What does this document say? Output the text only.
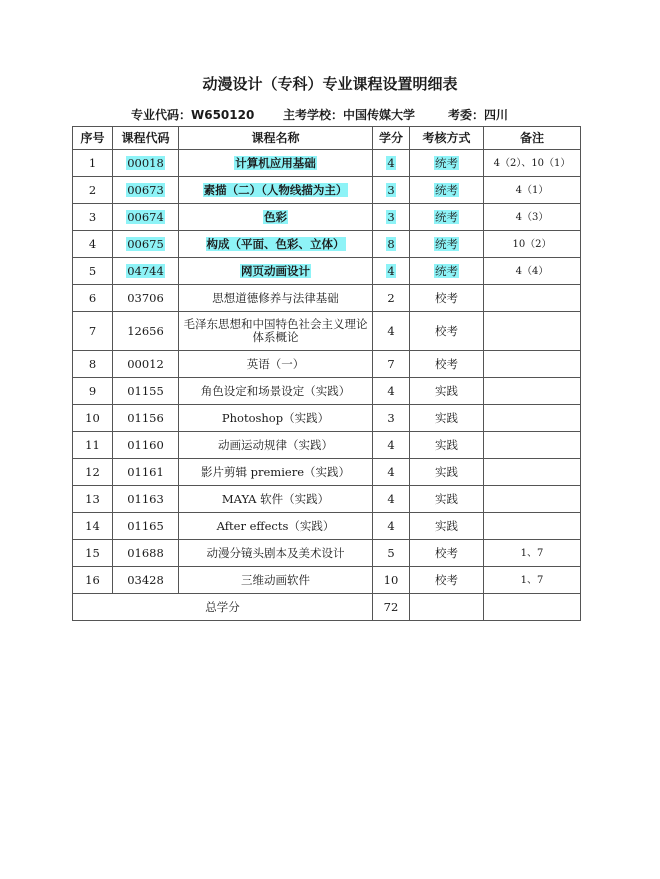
动漫设计（专科）专业课程设置明细表
专业代码：W650120 主考学校：中国传媒大学	考委：四川
序号	课程代码	课程名称	学分	考核方式	备注
1	00018	计算机应用基础	4	统考	4（2）、10（1）
2	00673	素描（二）（人物线描为主）	3	统考	4（1）
3	00674	色彩	3	统考	4（3）
4	00675	构成（平面、色彩、立体）	8	统考	10（2）
5	04744	网页动画设计	4	统考	4（4）
6	03706	思想道德修养与法律基础	2	校考	
7	12656	毛泽东思想和中国特色社会主义理论体系概论	4	校考	
8	00012	英语（一）	7	校考	
9	01155	角色设定和场景设定（实践）	4	实践	
10	01156	Photoshop（实践）	3	实践	
11	01160	动画运动规律（实践）	4	实践	
12	01161	影片剪辑 premiere（实践）	4	实践	
13	01163	MAYA 软件（实践）	4	实践	
14	01165	After effects（实践）	4	实践	
15	01688	动漫分镜头剧本及美术设计	5	校考	1、7
16	03428	三维动画软件	10	校考	1、7
总学分			72		
